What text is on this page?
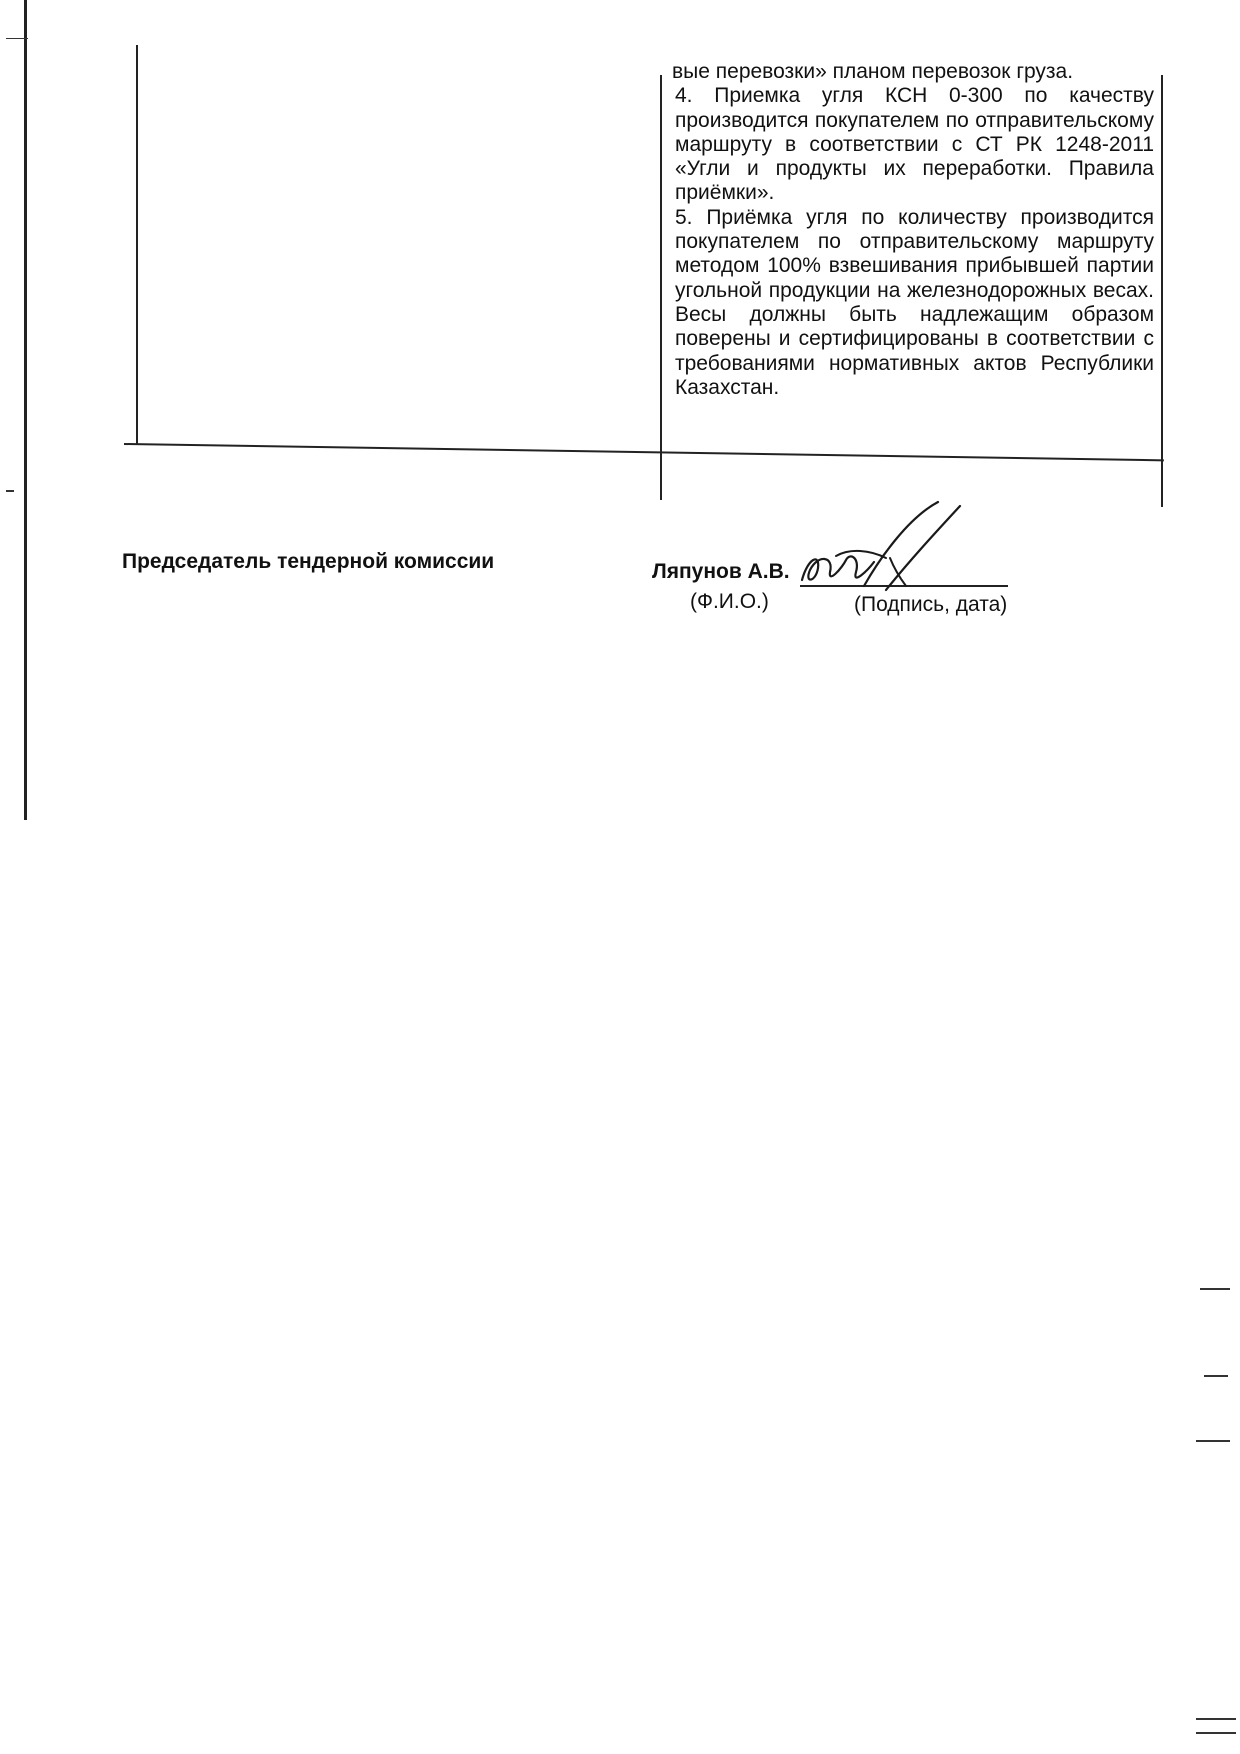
вые перевозки» планом перевозок груза.

4. Приемка угля КСН 0-300 по качеству производится покупателем по отправительскому маршруту в соответствии с СТ РК 1248-2011 «Угли и продукты их переработки. Правила приёмки».

5. Приёмка угля по количеству производится покупателем по отправительскому маршруту методом 100% взвешивания прибывшей партии угольной продукции на железнодорожных весах. Весы должны быть надлежащим образом поверены и сертифицированы в соответствии с требованиями нормативных актов Республики Казахстан.

Председатель тендерной комиссии	Ляпунов А.В.
(Ф.И.О.)	(Подпись, дата)
